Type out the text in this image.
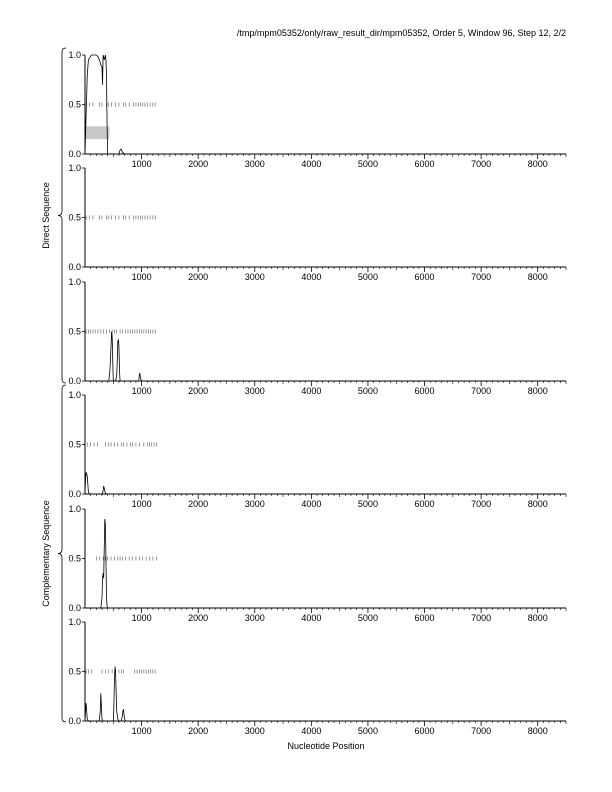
/tmp/mpm05352/only/raw_result_dir/mpm05352, Order 5, Window 96, Step 12, 2/2
1000	2000	3000	4000	5000	6000	7000	8000
0.0
0.5
1.0
1000	2000	3000	4000	5000	6000	7000	8000
0.0
0.5
1.0
1000	2000	3000	4000	5000	6000	7000	8000
0.0
0.5
1.0
1000	2000	3000	4000	5000	6000	7000	8000
0.0
0.5
1.0
1000	2000	3000	4000	5000	6000	7000	8000
0.0
0.5
1.0
1000	2000	3000	4000	5000	6000	7000	8000
0.0
0.5
1.0
Direct Sequence
Complementary Sequence
Nucleotide Position
